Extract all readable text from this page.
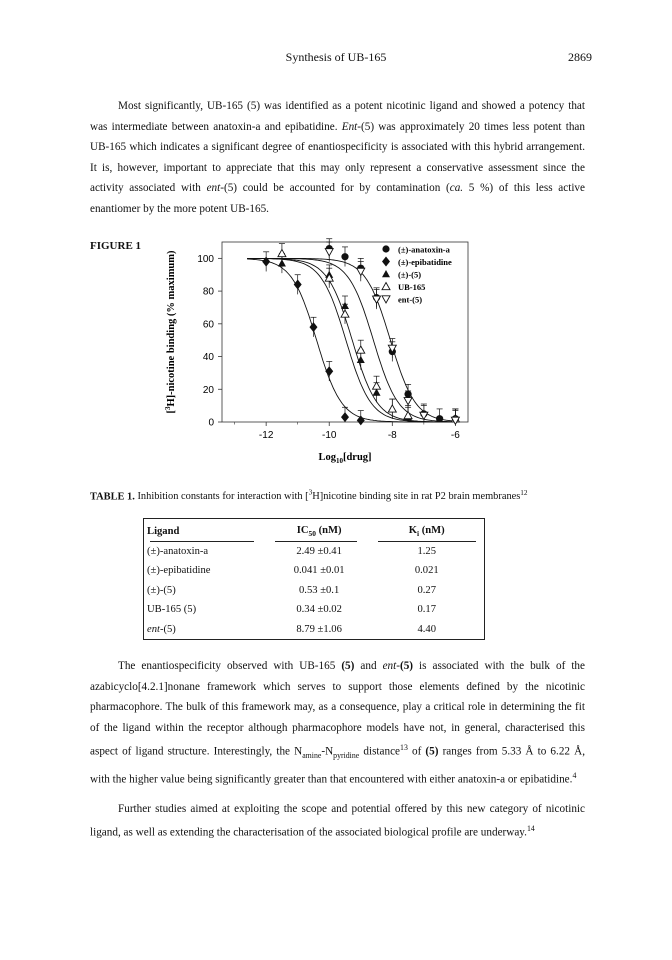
Synthesis of UB-165	2869

Most significantly, UB-165 (5) was identified as a potent nicotinic ligand and showed a potency that was intermediate between anatoxin-a and epibatidine. Ent-(5) was approximately 20 times less potent than UB-165 which indicates a significant degree of enantiospecificity is associated with this hybrid arrangement. It is, however, important to appreciate that this may only represent a conservative assessment since the activity associated with ent-(5) could be accounted for by contamination (ca. 5 %) of this less active enantiomer by the more potent UB-165.

FIGURE 1
0
20
40
60
80
100
-12	-10	-8	-6
(±)-anatoxin-a
(±)-epibatidine
(±)-(5)
UB-165
ent-(5)
[$^3$H]-nicotine binding (% maximum)
Log$_{10}$[drug]
TABLE 1. Inhibition constants for interaction with [$^3$H]nicotine binding site in rat P2 brain membranes$^{12}$
Ligand	$IC_{50}$ (nM)	$K_i$ (nM)
(±)-anatoxin-a	2.49 ±0.41	1.25
(±)-epibatidine	0.041 ±0.01	0.021
(±)-(5)	0.53 ±0.1	0.27
UB-165 (5)	0.34 ±0.02	0.17
ent-(5)	8.79 ±1.06	4.40

The enantiospecificity observed with UB-165 (5) and ent-(5) is associated with the bulk of the azabicyclo[4.2.1]nonane framework which serves to support those elements defined by the nicotinic pharmacophore. The bulk of this framework may, as a consequence, play a critical role in determining the fit of the ligand within the receptor although pharmacophore models have not, in general, characterised this aspect of ligand structure. Interestingly, the $N_{amine}-N_{pyridine}$ distance$^{13}$ of (5) ranges from 5.33 Å to 6.22 Å, with the higher value being significantly greater than that encountered with either anatoxin-a or epibatidine.$^4$

Further studies aimed at exploiting the scope and potential offered by this new category of nicotinic ligand, as well as extending the characterisation of the associated biological profile are underway.$^{14}$
